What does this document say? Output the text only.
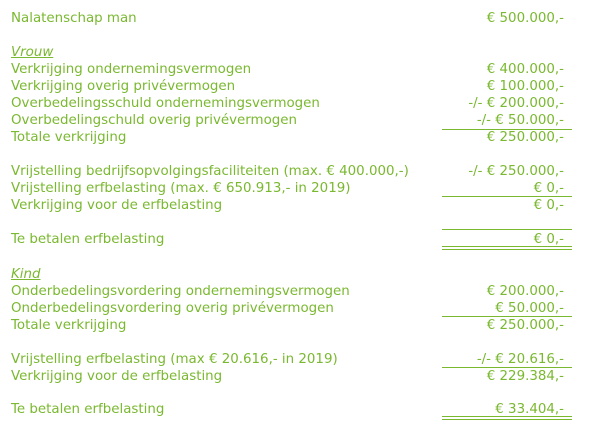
Nalatenschap man	€ 500.000,-
Vrouw
Verkrijging ondernemingsvermogen	€ 400.000,-
Verkrijging overig privévermogen	€ 100.000,-
Overbedelingsschuld ondernemingsvermogen	-/- € 200.000,-
Overbedelingschuld overig privévermogen	-/- € 50.000,-
Totale verkrijging	€ 250.000,-
Vrijstelling bedrijfsopvolgingsfaciliteiten (max. € 400.000,-)	-/- € 250.000,-
Vrijstelling erfbelasting (max. € 650.913,- in 2019)	€ 0,-
Verkrijging voor de erfbelasting	€ 0,-
Te betalen erfbelasting	€ 0,-
Kind
Onderbedelingsvordering ondernemingsvermogen	€ 200.000,-
Onderbedelingsvordering overig privévermogen	€ 50.000,-
Totale verkrijging	€ 250.000,-
Vrijstelling erfbelasting (max € 20.616,- in 2019)	-/- € 20.616,-
Verkrijging voor de erfbelasting	€ 229.384,-
Te betalen erfbelasting	€ 33.404,-
